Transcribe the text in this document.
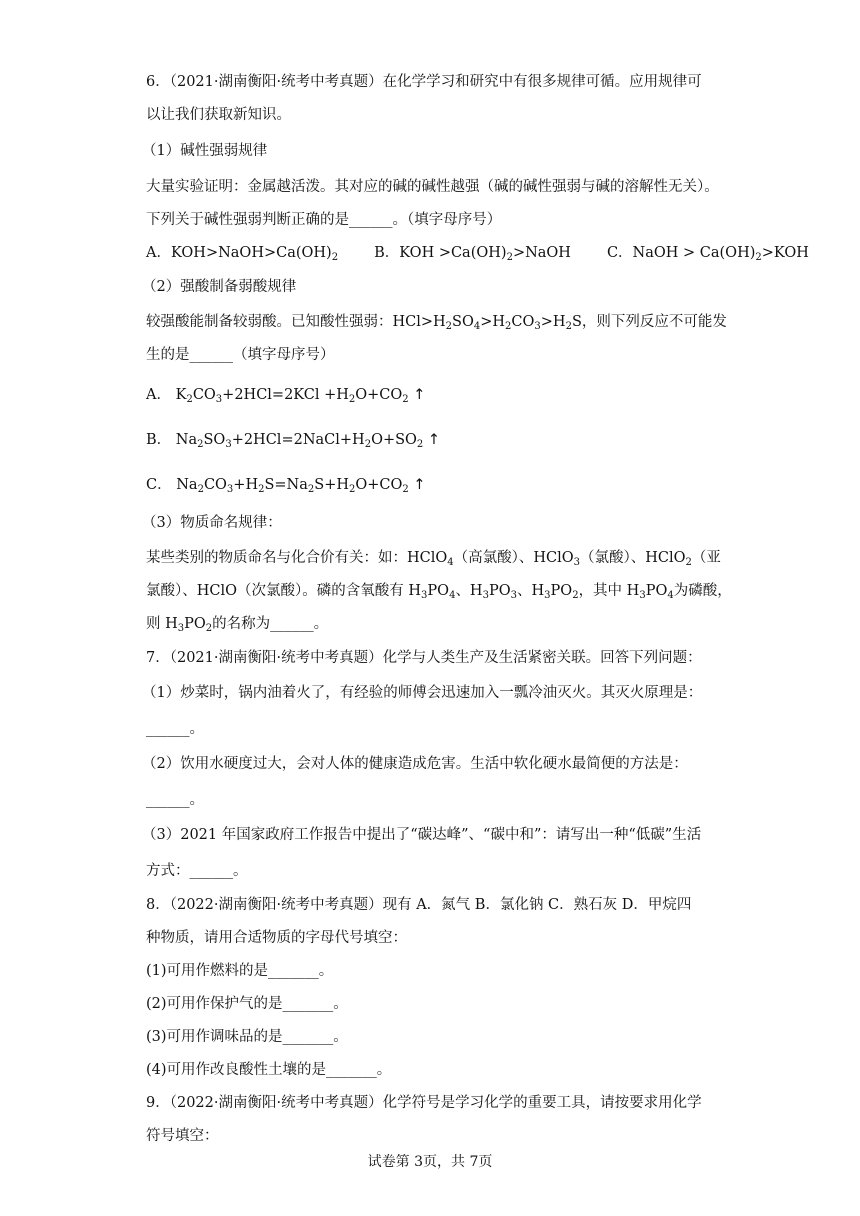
6．（2021·湖南衡阳·统考中考真题）在化学学习和研究中有很多规律可循。应用规律可
以让我们获取新知识。
（1）碱性强弱规律
大量实验证明：金属越活泼。其对应的碱的碱性越强（碱的碱性强弱与碱的溶解性无关）。
下列关于碱性强弱判断正确的是______。（填字母序号）
A．$KOH>NaOH>Ca(OH)_2$ B．KOH $>Ca(OH)_2>NaOH$ C．NaOH > $Ca(OH)_2>KOH$
（2）强酸制备弱酸规律
较强酸能制备较弱酸。已知酸性强弱：$HCl>H_2SO_4>H_2CO_3>H_2S$，则下列反应不可能发
生的是______（填字母序号）
A． $K_2CO_3+2HCl=2KCl +H_2O+CO_2$ ↑
B． $Na_2SO_3+2HCl=2NaCl+H_2O+SO_2$ ↑
C． $Na_2CO_3+H_2S=Na_2S+H_2O+CO_2$ ↑
（3）物质命名规律：
某些类别的物质命名与化合价有关：如：HClO$_4$（高氯酸）、HClO$_3$（氯酸）、HClO$_2$（亚
氯酸）、HClO（次氯酸）。磷的含氧酸有 $H_3PO_4$、$H_3PO_3$、$H_3PO_2$，其中 $H_3PO_4$为磷酸，
则 $H_3PO_2$的名称为______。
7．（2021·湖南衡阳·统考中考真题）化学与人类生产及生活紧密关联。回答下列问题：
（1）炒菜时，锅内油着火了，有经验的师傅会迅速加入一瓢冷油灭火。其灭火原理是：
______。
（2）饮用水硬度过大，会对人体的健康造成危害。生活中软化硬水最简便的方法是：
______。
（3）2021 年国家政府工作报告中提出了“碳达峰”、“碳中和”：请写出一种“低碳”生活
方式：______。
8．（2022·湖南衡阳·统考中考真题）现有 A．氮气 B．氯化钠 C．熟石灰 D．甲烷四
种物质，请用合适物质的字母代号填空：
(1)可用作燃料的是_______。
(2)可用作保护气的是_______。
(3)可用作调味品的是_______。
(4)可用作改良酸性土壤的是_______。
9．（2022·湖南衡阳·统考中考真题）化学符号是学习化学的重要工具，请按要求用化学
符号填空：
试卷第 3页，共 7页
